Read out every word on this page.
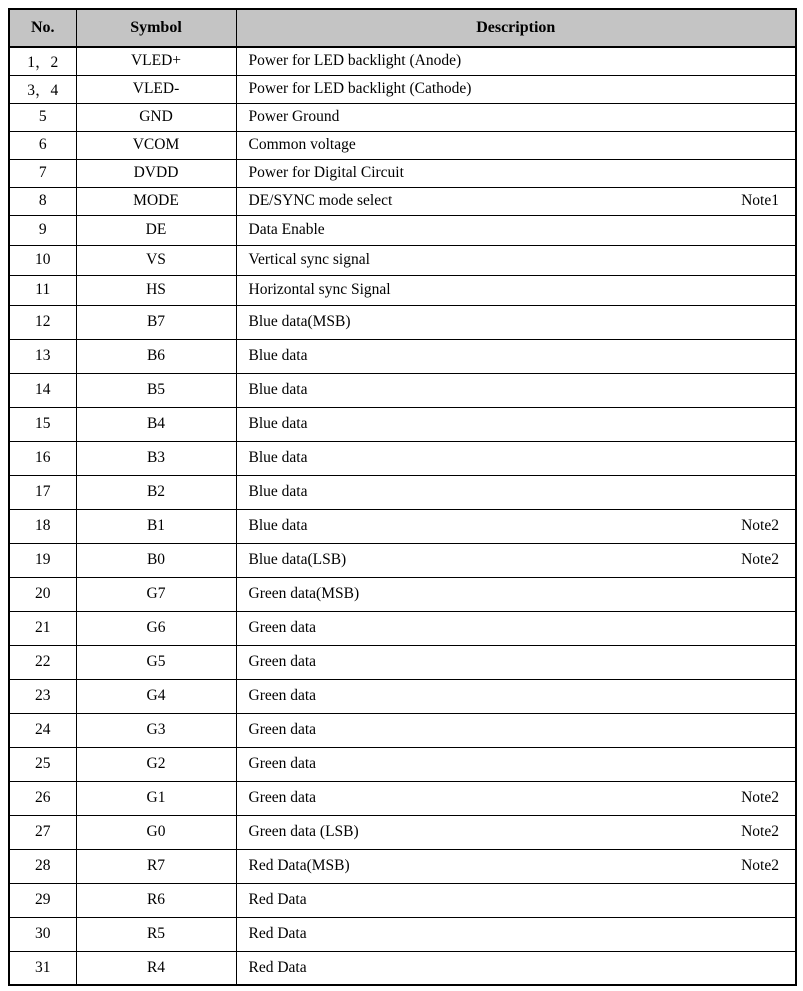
No.	Symbol	Description
1，2	VLED+	Power for LED backlight (Anode)

3，4	VLED-	Power for LED backlight (Cathode)

5	GND	Power Ground

6	VCOM	Common voltage

7	DVDD	Power for Digital Circuit

8	MODE	DE/SYNC mode select Note1

9	DE	Data Enable

10	VS	Vertical sync signal

11	HS	Horizontal sync Signal

12	B7	Blue data(MSB)

13	B6	Blue data

14	B5	Blue data

15	B4	Blue data

16	B3	Blue data

17	B2	Blue data

18	B1	Blue data Note2

19	B0	Blue data(LSB) Note2

20	G7	Green data(MSB)

21	G6	Green data

22	G5	Green data

23	G4	Green data

24	G3	Green data

25	G2	Green data

26	G1	Green data Note2

27	G0	Green data (LSB) Note2

28	R7	Red Data(MSB) Note2

29	R6	Red Data

30	R5	Red Data

31	R4	Red Data
